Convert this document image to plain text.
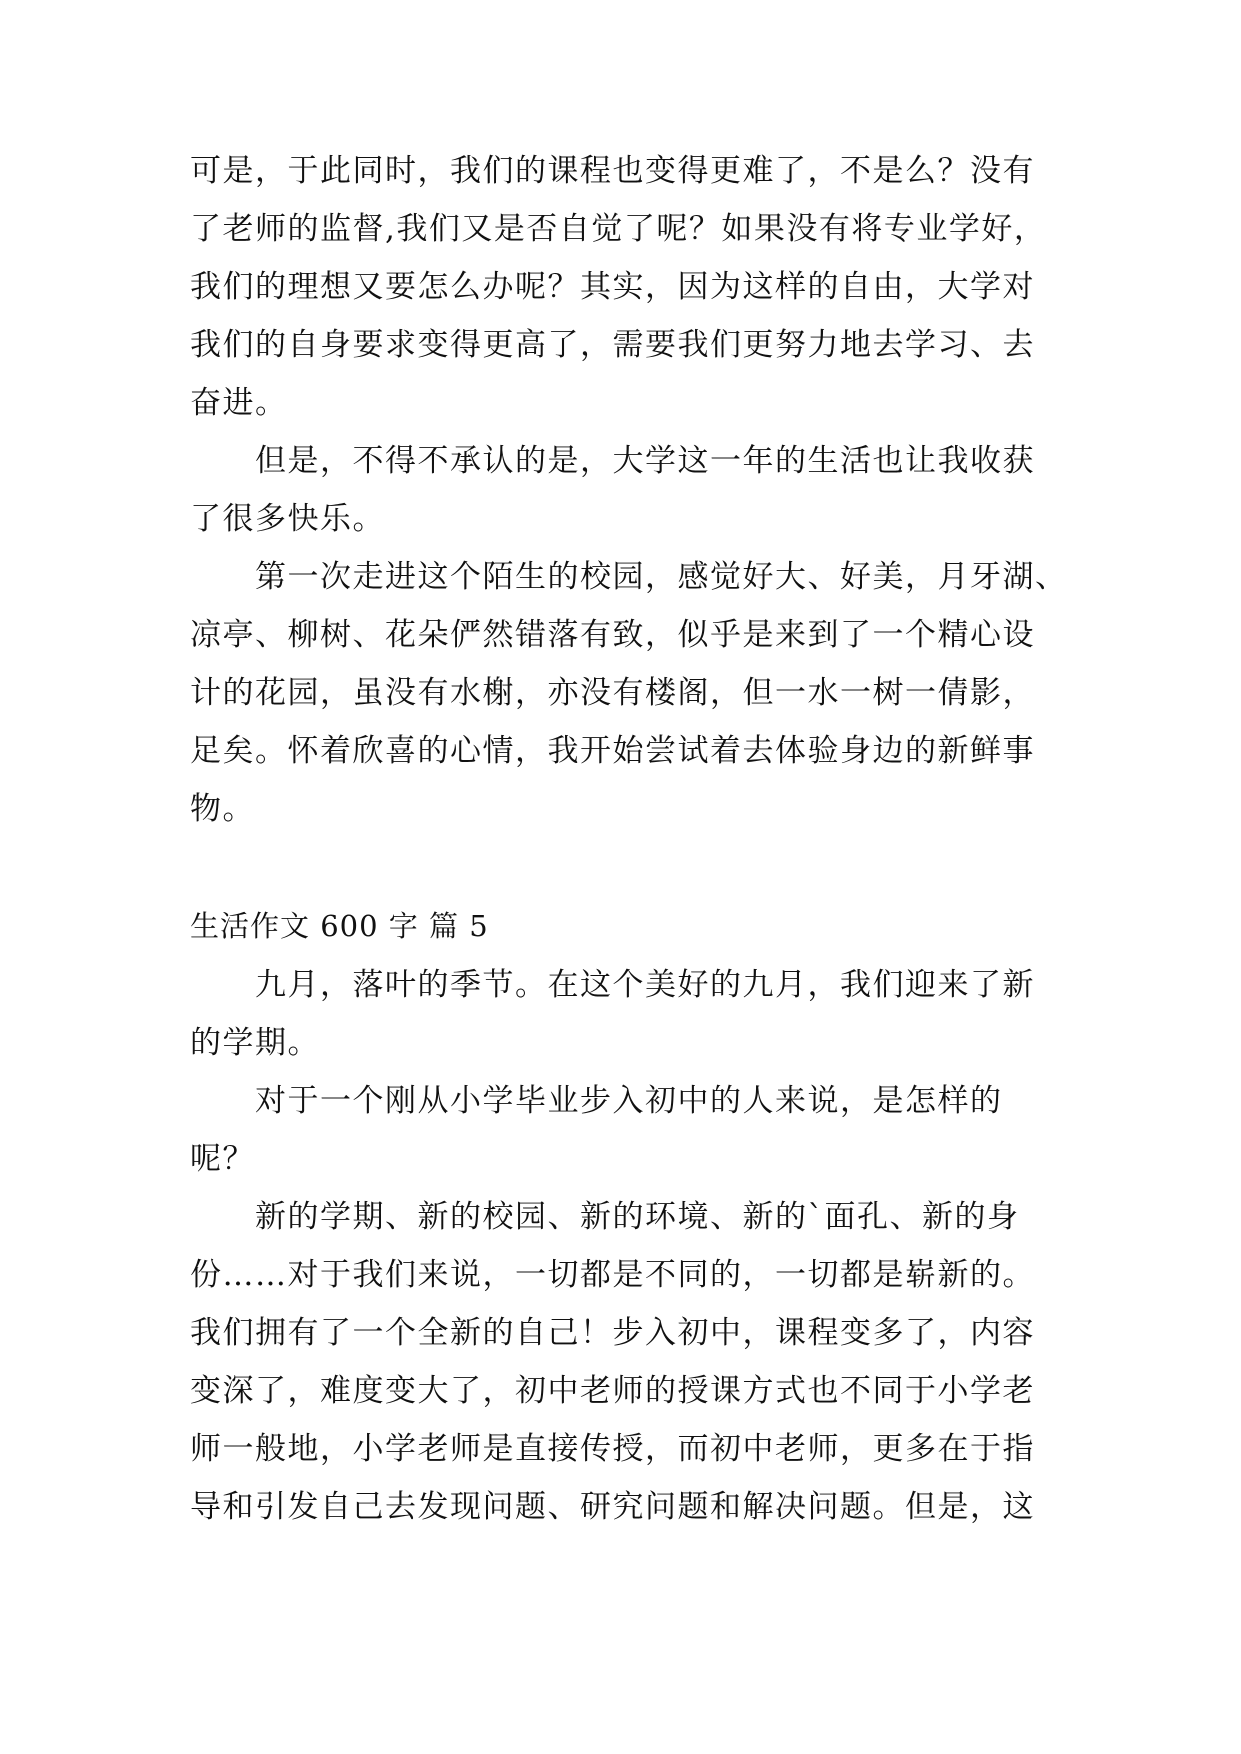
可是，于此同时，我们的课程也变得更难了，不是么？没有
了老师的监督,我们又是否自觉了呢？如果没有将专业学好，
我们的理想又要怎么办呢？其实，因为这样的自由，大学对
我们的自身要求变得更高了，需要我们更努力地去学习、去
奋进。
　　但是，不得不承认的是，大学这一年的生活也让我收获
了很多快乐。
　　第一次走进这个陌生的校园，感觉好大、好美，月牙湖、
凉亭、柳树、花朵俨然错落有致，似乎是来到了一个精心设
计的花园，虽没有水榭，亦没有楼阁，但一水一树一倩影，
足矣。怀着欣喜的心情，我开始尝试着去体验身边的新鲜事
物。
生活作文 600 字 篇 5
　　九月，落叶的季节。在这个美好的九月，我们迎来了新
的学期。
　　对于一个刚从小学毕业步入初中的人来说，是怎样的
呢？
　　新的学期、新的校园、新的环境、新的`面孔、新的身
份……对于我们来说，一切都是不同的，一切都是崭新的。
我们拥有了一个全新的自己！步入初中，课程变多了，内容
变深了，难度变大了，初中老师的授课方式也不同于小学老
师一般地，小学老师是直接传授，而初中老师，更多在于指
导和引发自己去发现问题、研究问题和解决问题。但是，这
